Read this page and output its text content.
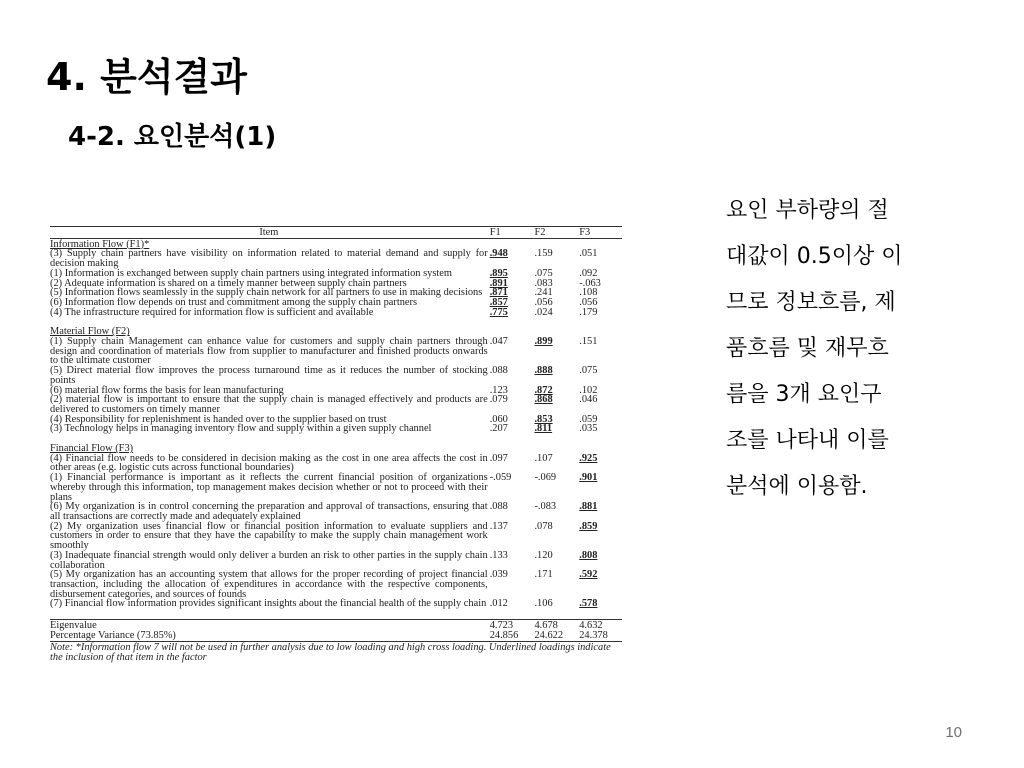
4. 분석결과
4-2. 요인분석(1)
Item	F1	F2	F3
Information Flow (F1)*
(3) Supply chain partners have visibility on information related to material demand and supply for decision making
.948	.159	.051
(1) Information is exchanged between supply chain partners using integrated information system	.895	.075	.092
(2) Adequate information is shared on a timely manner between supply chain partners	.891	.083	-.063
(5) Information flows seamlessly in the supply chain network for all partners to use in making decisions .871	.241	.108
(6) Information flow depends on trust and commitment among the supply chain partners	.857	.056	.056
(4) The infrastructure required for information flow is sufficient and available	.775	.024	.179
Material Flow (F2)
(1) Supply chain Management can enhance value for customers and supply chain partners through design and coordination of materials flow from supplier to manufacturer and finished products onwards to the ultimate customer
.047	.899	.151
(5) Direct material flow improves the process turnaround time as it reduces the number of stocking points
.088	.888	.075
(6) material flow forms the basis for lean manufacturing	.123	.872	.102
(2) material flow is important to ensure that the supply chain is managed effectively and products are delivered to customers on timely manner
.079	.868	.046
(4) Responsibility for replenishment is handed over to the supplier based on trust	.060	.853	.059
(3) Technology helps in managing inventory flow and supply within a given supply channel	.207	.811	.035
Financial Flow (F3)
(4) Financial flow needs to be considered in decision making as the cost in one area affects the cost in other areas (e.g. logistic cuts across functional boundaries)
.097	.107	.925
(1) Financial performance is important as it reflects the current financial position of organizations whereby through this information, top management makes decision whether or not to proceed with their plans
-.059	-.069	.901
(6) My organization is in control concerning the preparation and approval of transactions, ensuring that all transactions are correctly made and adequately explained
.088	-.083	.881
(2) My organization uses financial flow or financial position information to evaluate suppliers and customers in order to ensure that they have the capability to make the supply chain management work smoothly
.137	.078	.859
(3) Inadequate financial strength would only deliver a burden an risk to other parties in the supply chain collaboration
.133	.120	.808
(5) My organization has an accounting system that allows for the proper recording of project financial transaction, including the allocation of expenditures in accordance with the respective components, disbursement categories, and sources of founds
.039	.171	.592
(7) Financial flow information provides significant insights about the financial health of the supply chain .012	.106	.578
Eigenvalue	4.723	4.678	4.632
Percentage Variance (73.85%)	24.856	24.622	24.378
Note: *Information flow 7 will not be used in further analysis due to low loading and high cross loading. Underlined loadings indicate the inclusion of that item in the factor
요인 부하량의 절
대값이 0.5이상 이
므로 정보흐름, 제
품흐름 및 재무흐
름을 3개 요인구
조를 나타내 이를
분석에 이용함.
10
